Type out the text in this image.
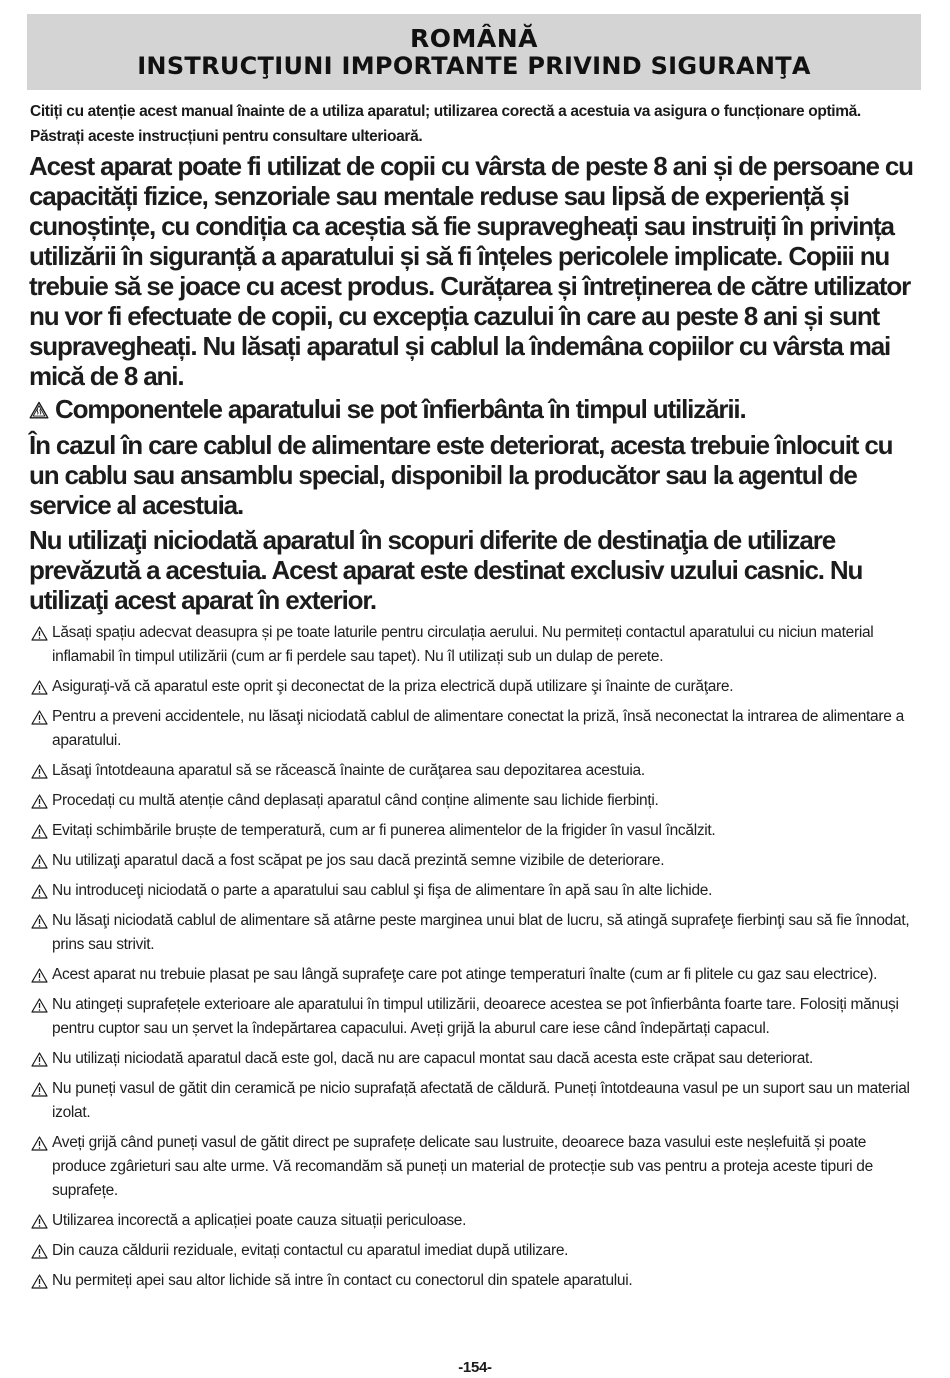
ROMÂNĂ
INSTRUCŢIUNI IMPORTANTE PRIVIND SIGURANŢA
Citiți cu atenție acest manual înainte de a utiliza aparatul; utilizarea corectă a acestuia va asigura o funcționare optimă. Păstrați aceste instrucțiuni pentru consultare ulterioară.
Acest aparat poate fi utilizat de copii cu vârsta de peste 8 ani și de persoane cu capacități fizice, senzoriale sau mentale reduse sau lipsă de experiență și cunoștințe, cu condiția ca aceștia să fie supravegheați sau instruiți în privința utilizării în siguranță a aparatului și să fi înțeles pericolele implicate. Copiii nu trebuie să se joace cu acest produs. Curățarea și întreținerea de către utilizator nu vor fi efectuate de copii, cu excepția cazului în care au peste 8 ani și sunt supravegheați. Nu lăsați aparatul și cablul la îndemâna copiilor cu vârsta mai mică de 8 ani.
Componentele aparatului se pot înfierbânta în timpul utilizării.
În cazul în care cablul de alimentare este deteriorat, acesta trebuie înlocuit cu un cablu sau ansamblu special, disponibil la producător sau la agentul de service al acestuia.
Nu utilizaţi niciodată aparatul în scopuri diferite de destinaţia de utilizare prevăzută a acestuia. Acest aparat este destinat exclusiv uzului casnic. Nu utilizaţi acest aparat în exterior.
Lăsați spațiu adecvat deasupra și pe toate laturile pentru circulația aerului. Nu permiteți contactul aparatului cu niciun material inflamabil în timpul utilizării (cum ar fi perdele sau tapet). Nu îl utilizați sub un dulap de perete.
Asiguraţi-vă că aparatul este oprit şi deconectat de la priza electrică după utilizare şi înainte de curăţare.
Pentru a preveni accidentele, nu lăsaţi niciodată cablul de alimentare conectat la priză, însă neconectat la intrarea de alimentare a aparatului.
Lăsaţi întotdeauna aparatul să se răcească înainte de curăţarea sau depozitarea acestuia.
Procedați cu multă atenție când deplasați aparatul când conține alimente sau lichide fierbinți.
Evitați schimbările bruște de temperatură, cum ar fi punerea alimentelor de la frigider în vasul încălzit.
Nu utilizaţi aparatul dacă a fost scăpat pe jos sau dacă prezintă semne vizibile de deteriorare.
Nu introduceţi niciodată o parte a aparatului sau cablul şi fişa de alimentare în apă sau în alte lichide.
Nu lăsaţi niciodată cablul de alimentare să atârne peste marginea unui blat de lucru, să atingă suprafeţe fierbinţi sau să fie înnodat, prins sau strivit.
Acest aparat nu trebuie plasat pe sau lângă suprafeţe care pot atinge temperaturi înalte (cum ar fi plitele cu gaz sau electrice).
Nu atingeți suprafețele exterioare ale aparatului în timpul utilizării, deoarece acestea se pot înfierbânta foarte tare. Folosiți mănuși pentru cuptor sau un șervet la îndepărtarea capacului. Aveți grijă la aburul care iese când îndepărtați capacul.
Nu utilizați niciodată aparatul dacă este gol, dacă nu are capacul montat sau dacă acesta este crăpat sau deteriorat.
Nu puneți vasul de gătit din ceramică pe nicio suprafață afectată de căldură. Puneți întotdeauna vasul pe un suport sau un material izolat.
Aveți grijă când puneți vasul de gătit direct pe suprafețe delicate sau lustruite, deoarece baza vasului este neșlefuită și poate produce zgârieturi sau alte urme. Vă recomandăm să puneți un material de protecție sub vas pentru a proteja aceste tipuri de suprafețe.
Utilizarea incorectă a aplicației poate cauza situații periculoase.
Din cauza căldurii reziduale, evitați contactul cu aparatul imediat după utilizare.
Nu permiteți apei sau altor lichide să intre în contact cu conectorul din spatele aparatului.
-154-
